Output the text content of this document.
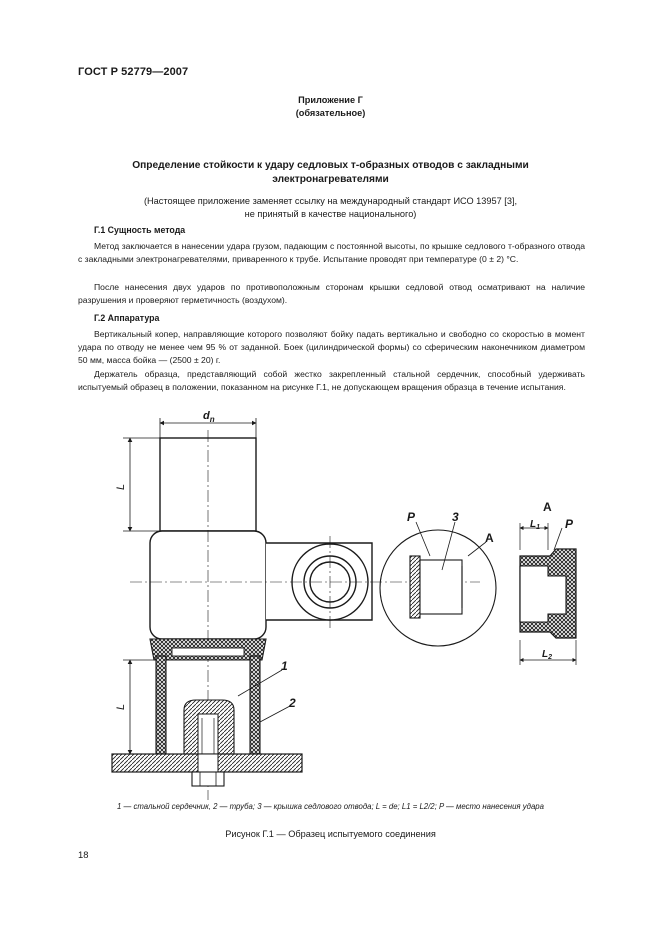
ГОСТ Р 52779—2007
Приложение Г
(обязательное)
Определение стойкости к удару седловых т-образных отводов с закладными
электронагревателями
(Настоящее приложение заменяет ссылку на международный стандарт ИСО 13957 [3],
не принятый в качестве национального)
Г.1 Сущность метода
Метод заключается в нанесении удара грузом, падающим с постоянной высоты, по крышке седлового т-образного отвода с закладными электронагревателями, приваренного к трубе. Испытание проводят при температуре (0 ± 2) °С.
После нанесения двух ударов по противоположным сторонам крышки седловой отвод осматривают на наличие разрушения и проверяют герметичность (воздухом).
Г.2 Аппаратура
Вертикальный копер, направляющие которого позволяют бойку падать вертикально и свободно со скоростью в момент удара по отводу не менее чем 95 % от заданной. Боек (цилиндрической формы) со сферическим наконечником диаметром 50 мм, масса бойка — (2500 ± 20) г.
Держатель образца, представляющий собой жестко закрепленный стальной сердечник, способный удерживать испытуемый образец в положении, показанном на рисунке Г.1, не допускающем вращения образца в течение испытания.
$d_n$
L
L
1
2
3
P
A
A
$L_1$ P
$L_2$
1 — стальной сердечник, 2 — труба; 3 — крышка седлового отвода; L = de; L1 = L2/2; P — место нанесения удара
Рисунок Г.1 — Образец испытуемого соединения
18
